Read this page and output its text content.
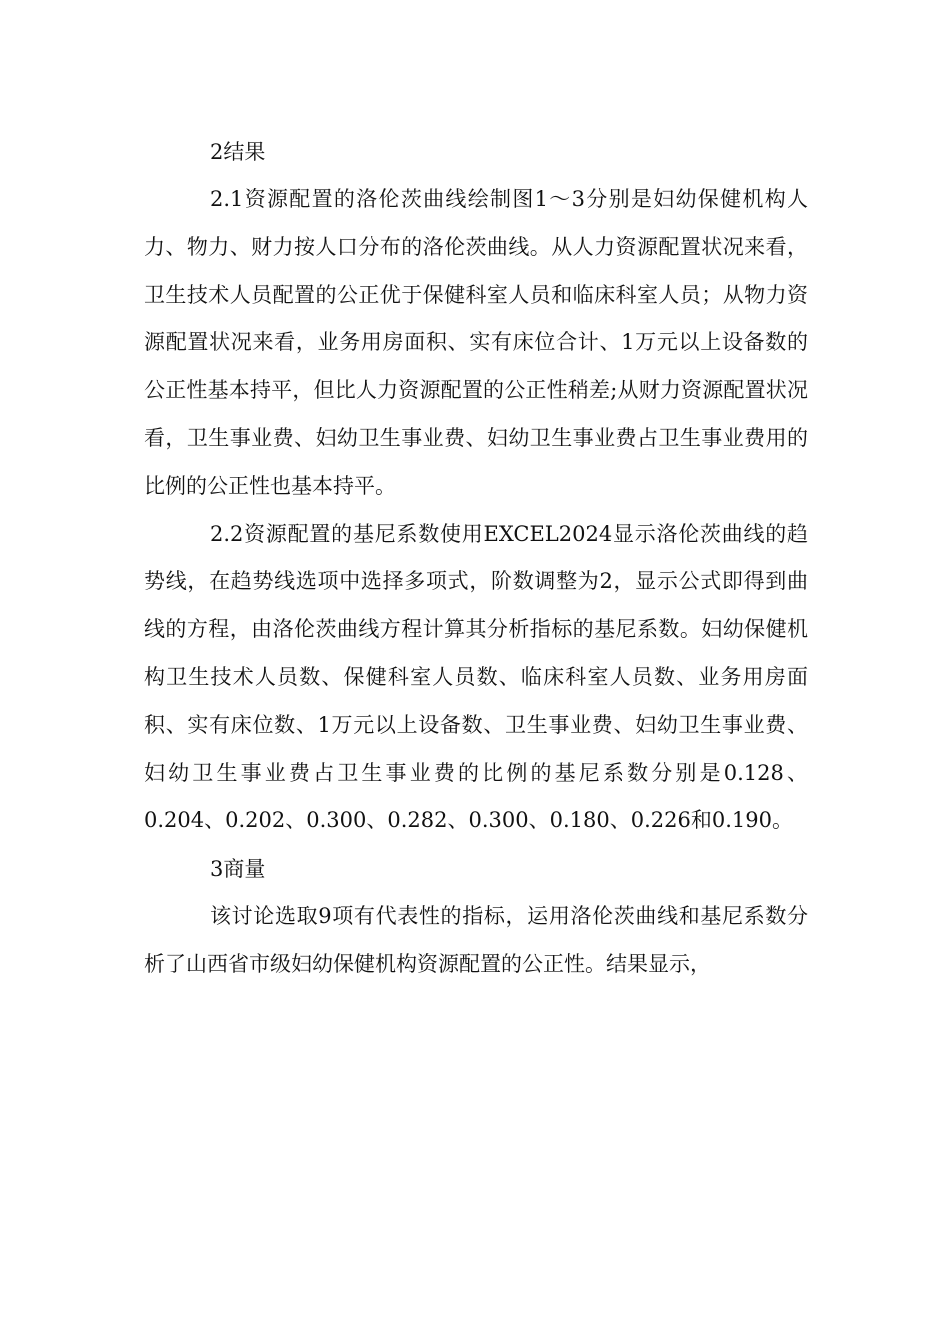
2结果

2.1资源配置的洛伦茨曲线绘制图1～3分别是妇幼保健机构人力、物力、财力按人口分布的洛伦茨曲线。从人力资源配置状况来看，卫生技术人员配置的公正优于保健科室人员和临床科室人员；从物力资源配置状况来看，业务用房面积、实有床位合计、1万元以上设备数的公正性基本持平，但比人力资源配置的公正性稍差;从财力资源配置状况看，卫生事业费、妇幼卫生事业费、妇幼卫生事业费占卫生事业费用的比例的公正性也基本持平。

2.2资源配置的基尼系数使用EXCEL2024显示洛伦茨曲线的趋势线，在趋势线选项中选择多项式，阶数调整为2，显示公式即得到曲线的方程，由洛伦茨曲线方程计算其分析指标的基尼系数。妇幼保健机构卫生技术人员数、保健科室人员数、临床科室人员数、业务用房面积、实有床位数、1万元以上设备数、卫生事业费、妇幼卫生事业费、妇幼卫生事业费占卫生事业费的比例的基尼系数分别是0.128、0.204、0.202、0.300、0.282、0.300、0.180、0.226和0.190。

3商量

该讨论选取9项有代表性的指标，运用洛伦茨曲线和基尼系数分析了山西省市级妇幼保健机构资源配置的公正性。结果显示，
